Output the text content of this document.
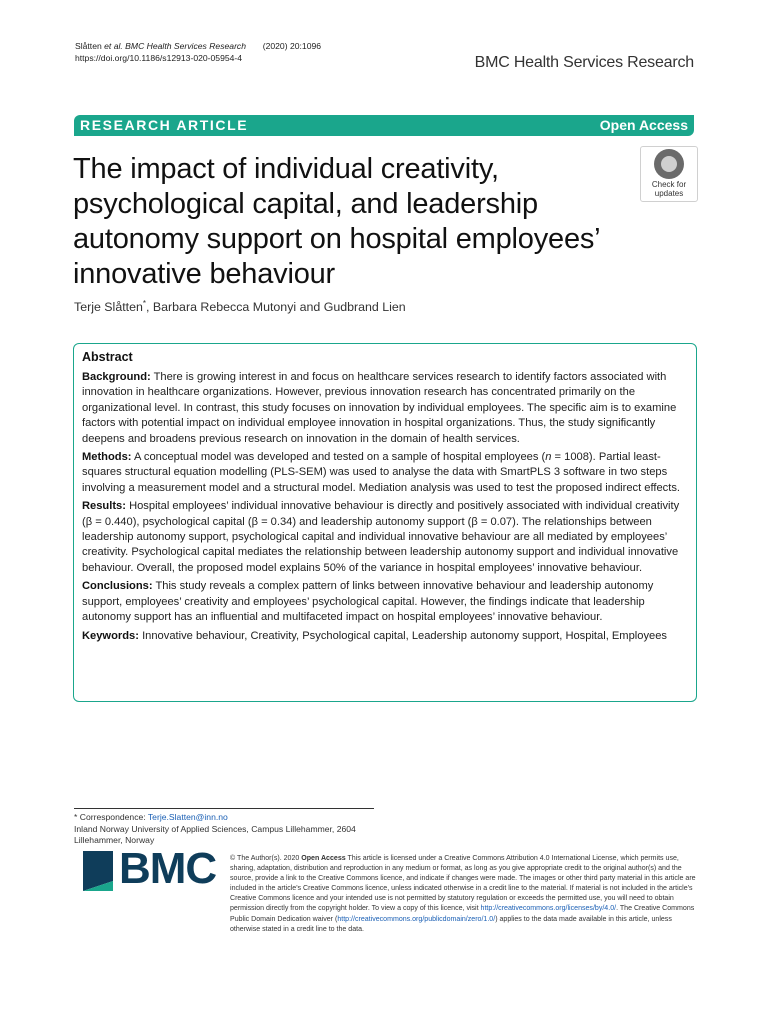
Slåtten et al. BMC Health Services Research (2020) 20:1096
https://doi.org/10.1186/s12913-020-05954-4	BMC Health Services Research
RESEARCH ARTICLE	Open Access
The impact of individual creativity, psychological capital, and leadership autonomy support on hospital employees’ innovative behaviour
Check for
updates
Terje Slåtten*, Barbara Rebecca Mutonyi and Gudbrand Lien
Abstract

Background: There is growing interest in and focus on healthcare services research to identify factors associated with innovation in healthcare organizations. However, previous innovation research has concentrated primarily on the organizational level. In contrast, this study focuses on innovation by individual employees. The specific aim is to examine factors with potential impact on individual employee innovation in hospital organizations. Thus, the study significantly deepens and broadens previous research on innovation in the domain of health services.

Methods: A conceptual model was developed and tested on a sample of hospital employees (n = 1008). Partial least-squares structural equation modelling (PLS-SEM) was used to analyse the data with SmartPLS 3 software in two steps involving a measurement model and a structural model. Mediation analysis was used to test the proposed indirect effects.

Results: Hospital employees’ individual innovative behaviour is directly and positively associated with individual creativity (β = 0.440), psychological capital (β = 0.34) and leadership autonomy support (β = 0.07). The relationships between leadership autonomy support, psychological capital and individual innovative behaviour are all mediated by employees’ creativity. Psychological capital mediates the relationship between leadership autonomy support and individual innovative behaviour. Overall, the proposed model explains 50% of the variance in hospital employees’ innovative behaviour.

Conclusions: This study reveals a complex pattern of links between innovative behaviour and leadership autonomy support, employees’ creativity and employees’ psychological capital. However, the findings indicate that leadership autonomy support has an influential and multifaceted impact on hospital employees’ innovative behaviour.

Keywords: Innovative behaviour, Creativity, Psychological capital, Leadership autonomy support, Hospital, Employees

* Correspondence: Terje.Slatten@inn.no
Inland Norway University of Applied Sciences, Campus Lillehammer, 2604 Lillehammer, Norway
BMC © The Author(s). 2020 Open Access This article is licensed under a Creative Commons Attribution 4.0 International License, which permits use, sharing, adaptation, distribution and reproduction in any medium or format, as long as you give appropriate credit to the original author(s) and the source, provide a link to the Creative Commons licence, and indicate if changes were made. The images or other third party material in this article are included in the article's Creative Commons licence, unless indicated otherwise in a credit line to the material. If material is not included in the article's Creative Commons licence and your intended use is not permitted by statutory regulation or exceeds the permitted use, you will need to obtain permission directly from the copyright holder. To view a copy of this licence, visit http://creativecommons.org/licenses/by/4.0/. The Creative Commons Public Domain Dedication waiver (http://creativecommons.org/publicdomain/zero/1.0/) applies to the data made available in this article, unless otherwise stated in a credit line to the data.
